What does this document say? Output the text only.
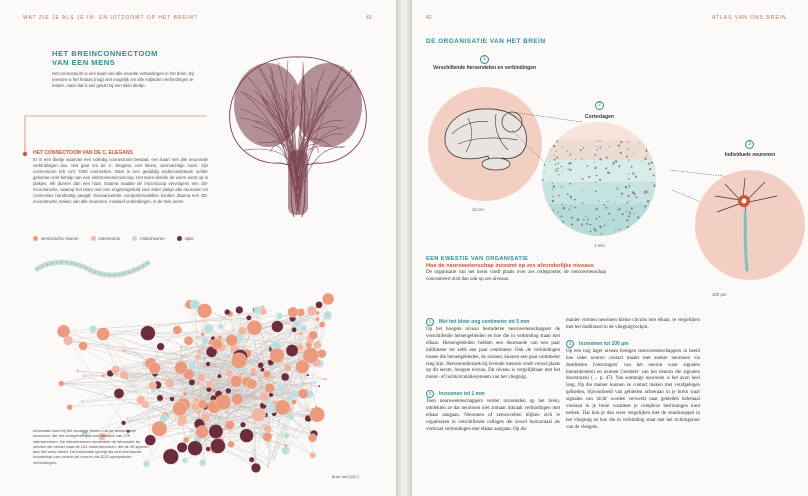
WAT ZIE JE ALS JE IN- EN UITZOOMT OP HET BREIN?	43
HET BREINCONNECTOOM
VAN EEN MENS

Het connectoom is een kaart van alle neurale verbindingen in het brein. Bij mensen is het helaas (nog) niet mogelijk om alle miljarden verbindingen te meten, maar dat is wel gelukt bij een klein diertje.

HET CONNECTOOM VAN DE C. ELEGANS

Er is een diertje waarvan een volledig connectoom bestaat, een kaart met alle neuronale verbindingen dus. Het gaat om de C. Elegans, een kleine, wormachtige soort. Zijn connectoom telt zo'n 7000 connecties. Daar is een geduldig onderzoeksteam achter gekomen met behulp van een elektronenmicroscoop. Het team deelde de worm eerst op in plakjes, elk dunner dan een haar. Daarna maakte de microscoop vervolgens een 3D-reconstructie, waarop het team met een engelengeduld voor ieder plakje alle neuronen en connecties handmatig aangaf. Geavanceerde computermodellen konden daarna een 3D-reconstructie maken van alle neuronen, inclusief verbindingen, in de hele worm.

sensorische neuron	interneuron	motorneuron	spier

Informatie komt bij het wormpje binnen via de sensorische neuronen, die het doorgeven aan een netwerk van 279 interneuronen. De interneuronen verwerken de informatie en zenden die verder naar de 124 motorneuronen, die de 95 spieren aan het werk zetten. De informatie springt als een chemische boodschap van neuron tot neuron via 3222 synaptische verbindingen.

Brain Vari (2017)
42	ATLAS VAN ONS BREIN
DE ORGANISATIE VAN HET BREIN
1
Verschillende hersendelen en verbindingen
10 cm
2
Cortexlagen
1 mm
3
Individuele neuronen
100 µm
EEN KWESTIE VAN ORGANISATIE
Hoe de neurowetenschap inzoomt op zes afzonderlijke niveaus

De organisatie van het brein vindt plaats over zes ordegrootte; de neurowetenschap concentreert zich dan ook op zes niveaus.

1	Met het blote oog centimeter tot 5 mm

Op het hoogste niveau bestuderen neurowetenschappers de verschillende hersengebieden en hoe die in verbinding staan met elkaar. Hersengebieden hebben een doorsnede van een paar millimeter tot zelfs een paar centimeter. Ook de verbindingen tussen die hersengebieden, de axonen, kunnen een paar centimeter lang zijn. Hersenonderzoek bij levende mensen vindt vooral plaats op dit eerste, hoogste niveau. Dit niveau is vergelijkbaar met het motor- of luchtcirculatiesysteem van het vliegtuig.

2	Inzoomen tot 1 mm

Toen neurowetenschappers verder inzoomden op het brein, ontdekten ze dat neuronen niet zomaar lukraak verbindingen met elkaar aangaan. Neuronen of zenuwcellen blijken zich te organiseren in verschillende cellagen die zowel horizontaal als verticaal verbindingen met elkaar aangaan. Op die

manier vormen neuronen kleine circuits met elkaar, te vergelijken met het dashboard in de vliegtuigcockpit.

3	Inzoomen tot 100 µm

Op een nog lager niveau brengen neurowetenschappers in beeld hoe ieder neuron contact maakt met andere neuronen via dendrieten ('ontvangers' van het neuron waar signalen binnenkomen) en axonen ('zenders' van het neuron die signalen doorsturen) (→ p. 47). Van sommige neuronen is het axon heel lang. Op die manier kunnen ze contact maken met verafgelegen gebieden, bijvoorbeeld van gebieden achteraan in je brein waar signalen van 'zicht' worden verwerkt naar gebieden helemaal vooraan in je brein waarmee je complexe beslissingen kunt nemen. Dat kun je dan weer vergelijken met de stuurknuppel in het vliegtuig en hoe die in verbinding staat met het richtingsroer van de vleugels.
